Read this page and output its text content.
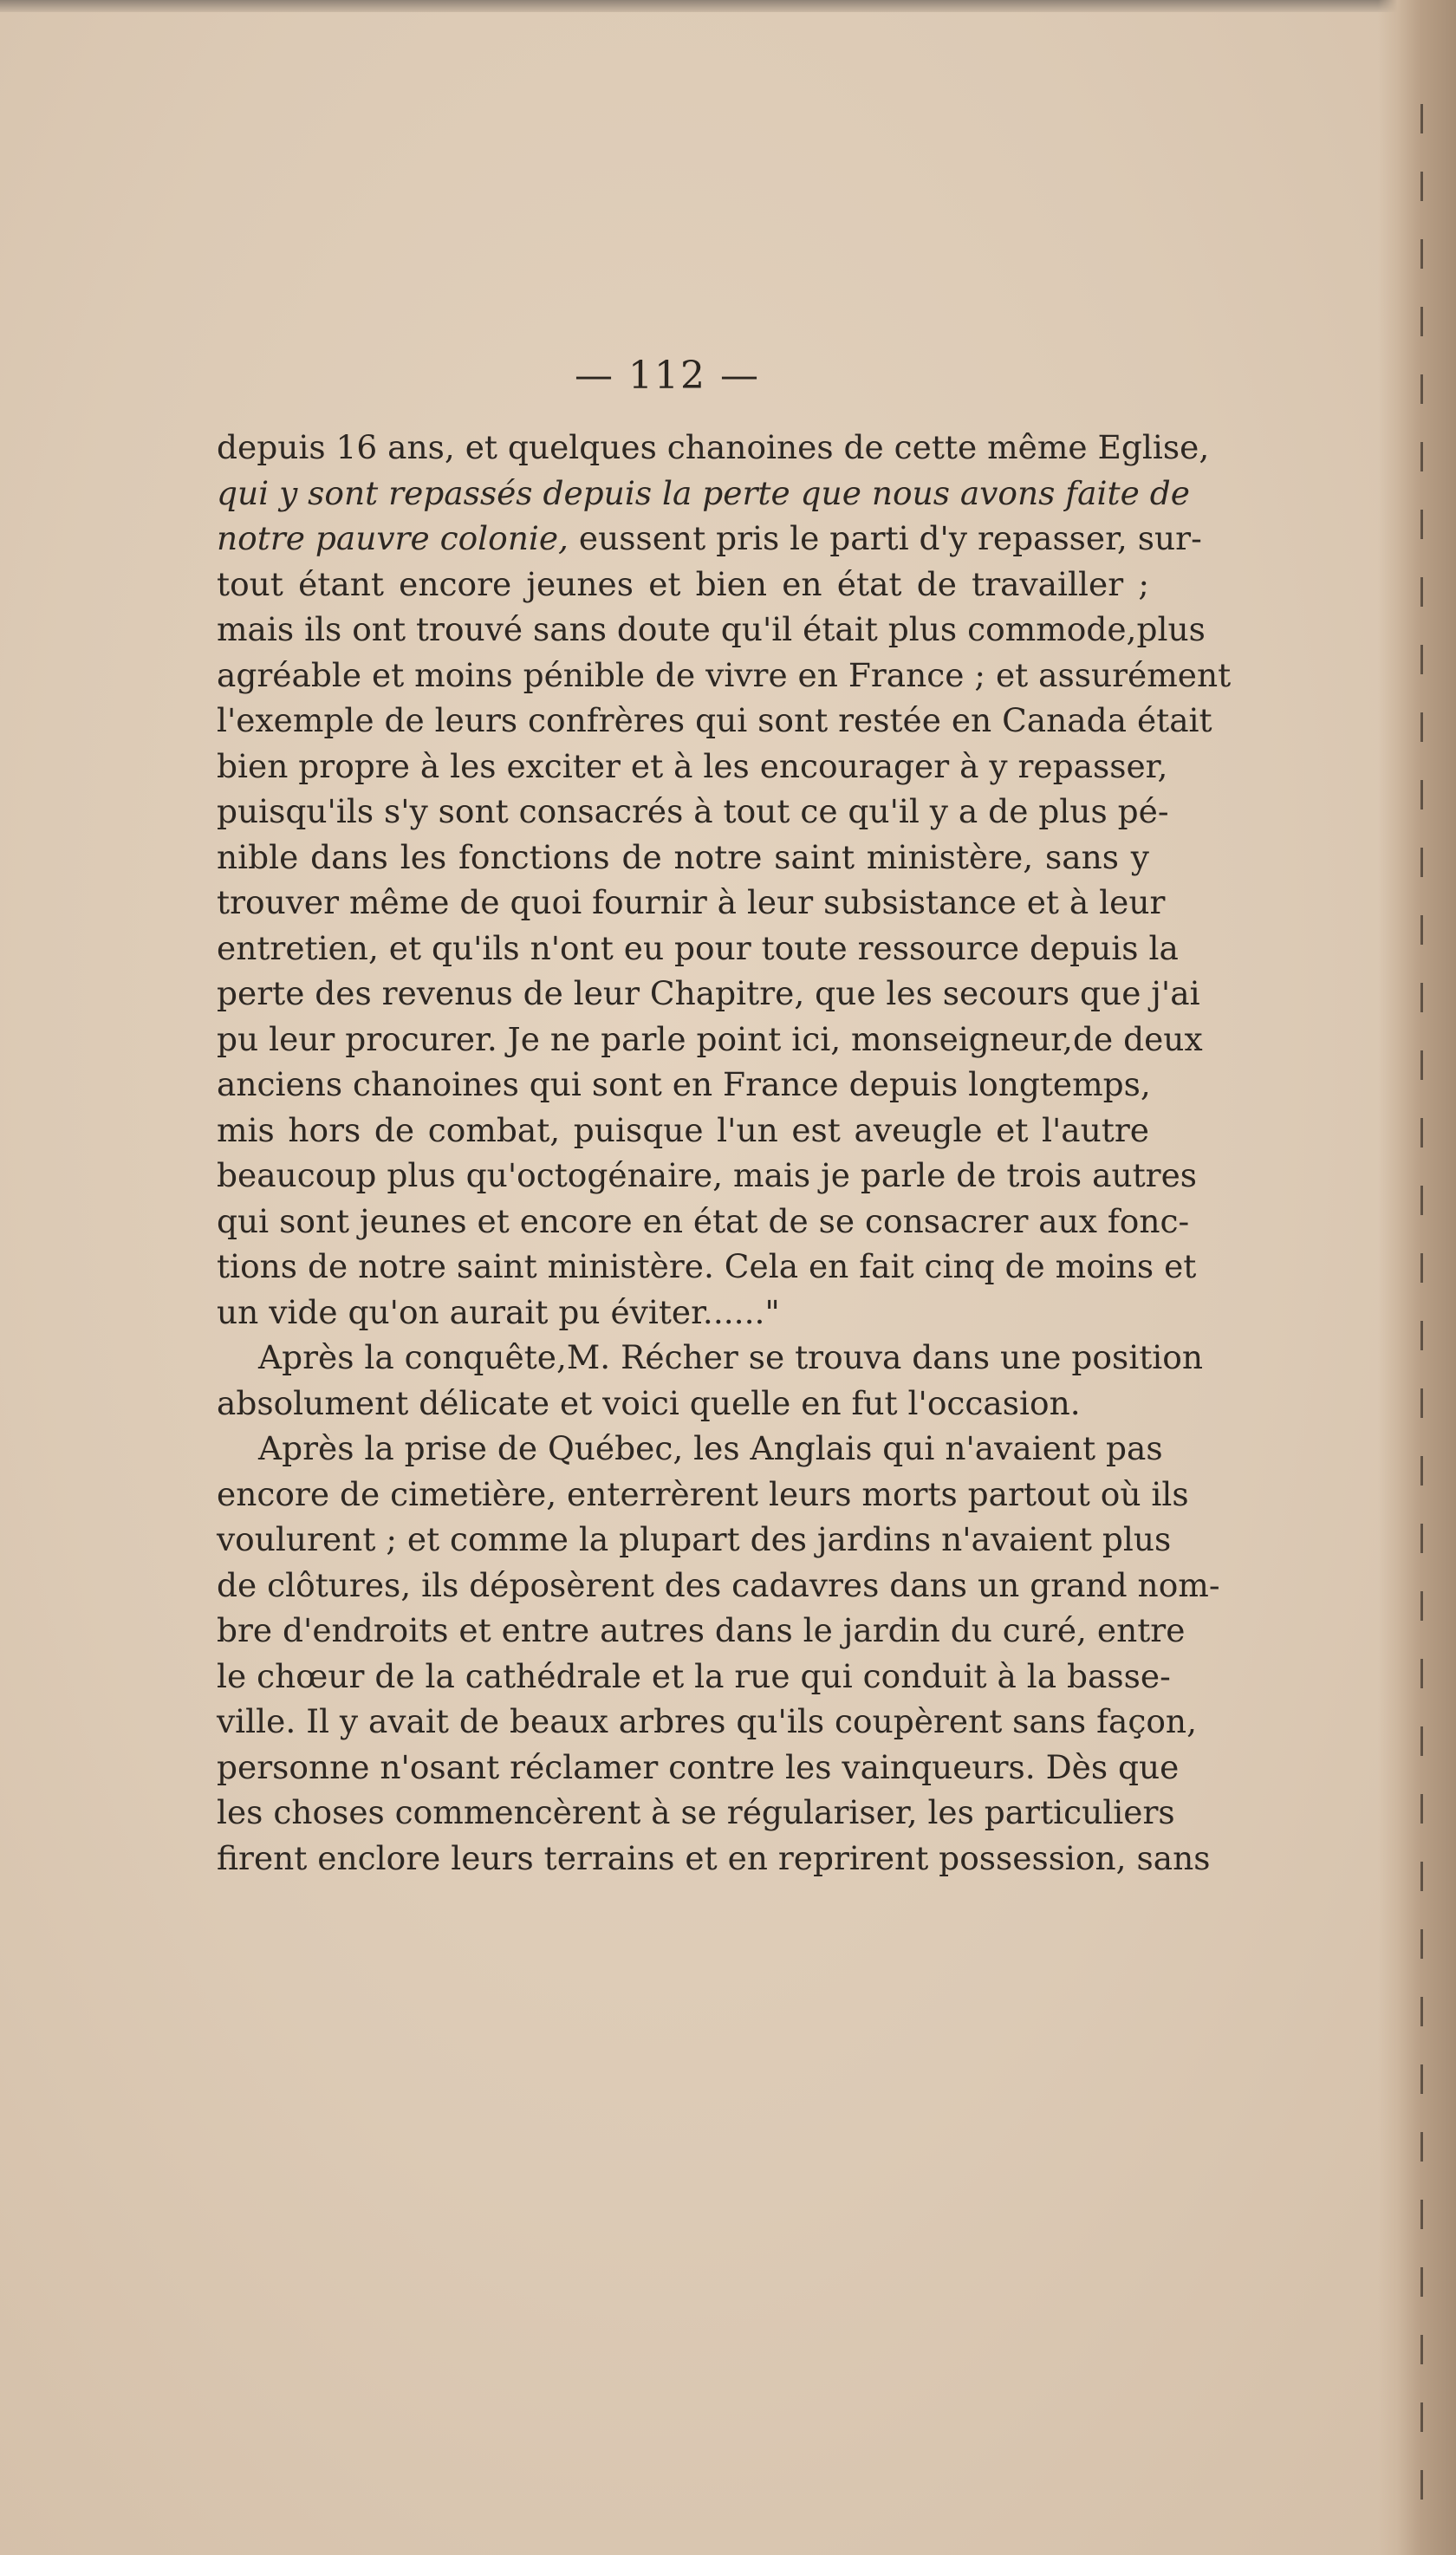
— 112 —
depuis 16 ans, et quelques chanoines de cette même Eglise,
qui y sont repassés depuis la perte que nous avons faite de
notre pauvre colonie, eussent pris le parti d'y repasser, sur-
tout étant encore jeunes et bien en état de travailler ;
mais ils ont trouvé sans doute qu'il était plus commode,plus
agréable et moins pénible de vivre en France ; et assurément
l'exemple de leurs confrères qui sont restée en Canada était
bien propre à les exciter et à les encourager à y repasser,
puisqu'ils s'y sont consacrés à tout ce qu'il y a de plus pé-
nible dans les fonctions de notre saint ministère, sans y
trouver même de quoi fournir à leur subsistance et à leur
entretien, et qu'ils n'ont eu pour toute ressource depuis la
perte des revenus de leur Chapitre, que les secours que j'ai
pu leur procurer. Je ne parle point ici, monseigneur,de deux
anciens chanoines qui sont en France depuis longtemps,
mis hors de combat, puisque l'un est aveugle et l'autre
beaucoup plus qu'octogénaire, mais je parle de trois autres
qui sont jeunes et encore en état de se consacrer aux fonc-
tions de notre saint ministère. Cela en fait cinq de moins et
un vide qu'on aurait pu éviter......"
Après la conquête,M. Récher se trouva dans une position
absolument délicate et voici quelle en fut l'occasion.
Après la prise de Québec, les Anglais qui n'avaient pas
encore de cimetière, enterrèrent leurs morts partout où ils
voulurent ; et comme la plupart des jardins n'avaient plus
de clôtures, ils déposèrent des cadavres dans un grand nom-
bre d'endroits et entre autres dans le jardin du curé, entre
le chœur de la cathédrale et la rue qui conduit à la basse-
ville. Il y avait de beaux arbres qu'ils coupèrent sans façon,
personne n'osant réclamer contre les vainqueurs. Dès que
les choses commencèrent à se régulariser, les particuliers
firent enclore leurs terrains et en reprirent possession, sans
